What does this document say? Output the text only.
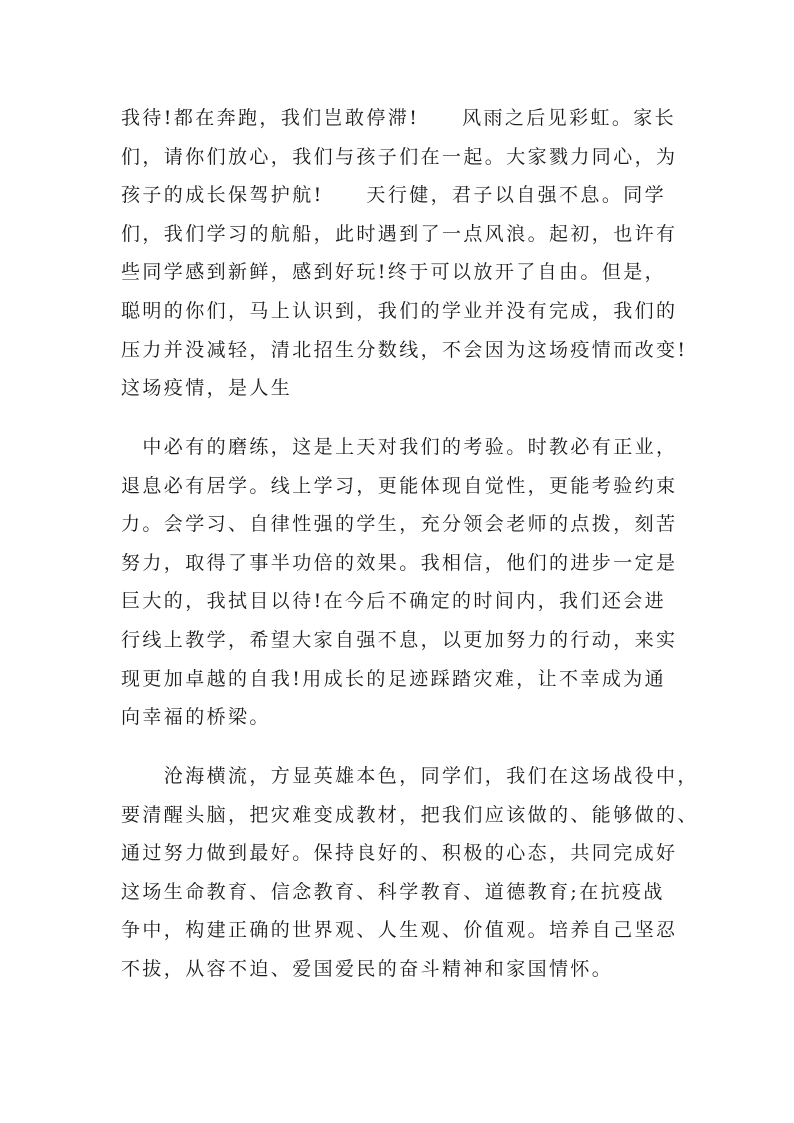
我待!都在奔跑，我们岂敢停滞!　　风雨之后见彩虹。家长
们，请你们放心，我们与孩子们在一起。大家戮力同心，为
孩子的成长保驾护航!　　天行健，君子以自强不息。同学
们，我们学习的航船，此时遇到了一点风浪。起初，也许有
些同学感到新鲜，感到好玩!终于可以放开了自由。但是，
聪明的你们，马上认识到，我们的学业并没有完成，我们的
压力并没减轻，清北招生分数线，不会因为这场疫情而改变!
这场疫情，是人生
　中必有的磨练，这是上天对我们的考验。时教必有正业，
退息必有居学。线上学习，更能体现自觉性，更能考验约束
力。会学习、自律性强的学生，充分领会老师的点拨，刻苦
努力，取得了事半功倍的效果。我相信，他们的进步一定是
巨大的，我拭目以待!在今后不确定的时间内，我们还会进
行线上教学，希望大家自强不息，以更加努力的行动，来实
现更加卓越的自我!用成长的足迹踩踏灾难，让不幸成为通
向幸福的桥梁。
　　沧海横流，方显英雄本色，同学们，我们在这场战役中，
要清醒头脑，把灾难变成教材，把我们应该做的、能够做的、
通过努力做到最好。保持良好的、积极的心态，共同完成好
这场生命教育、信念教育、科学教育、道德教育;在抗疫战
争中，构建正确的世界观、人生观、价值观。培养自己坚忍
不拔，从容不迫、爱国爱民的奋斗精神和家国情怀。
